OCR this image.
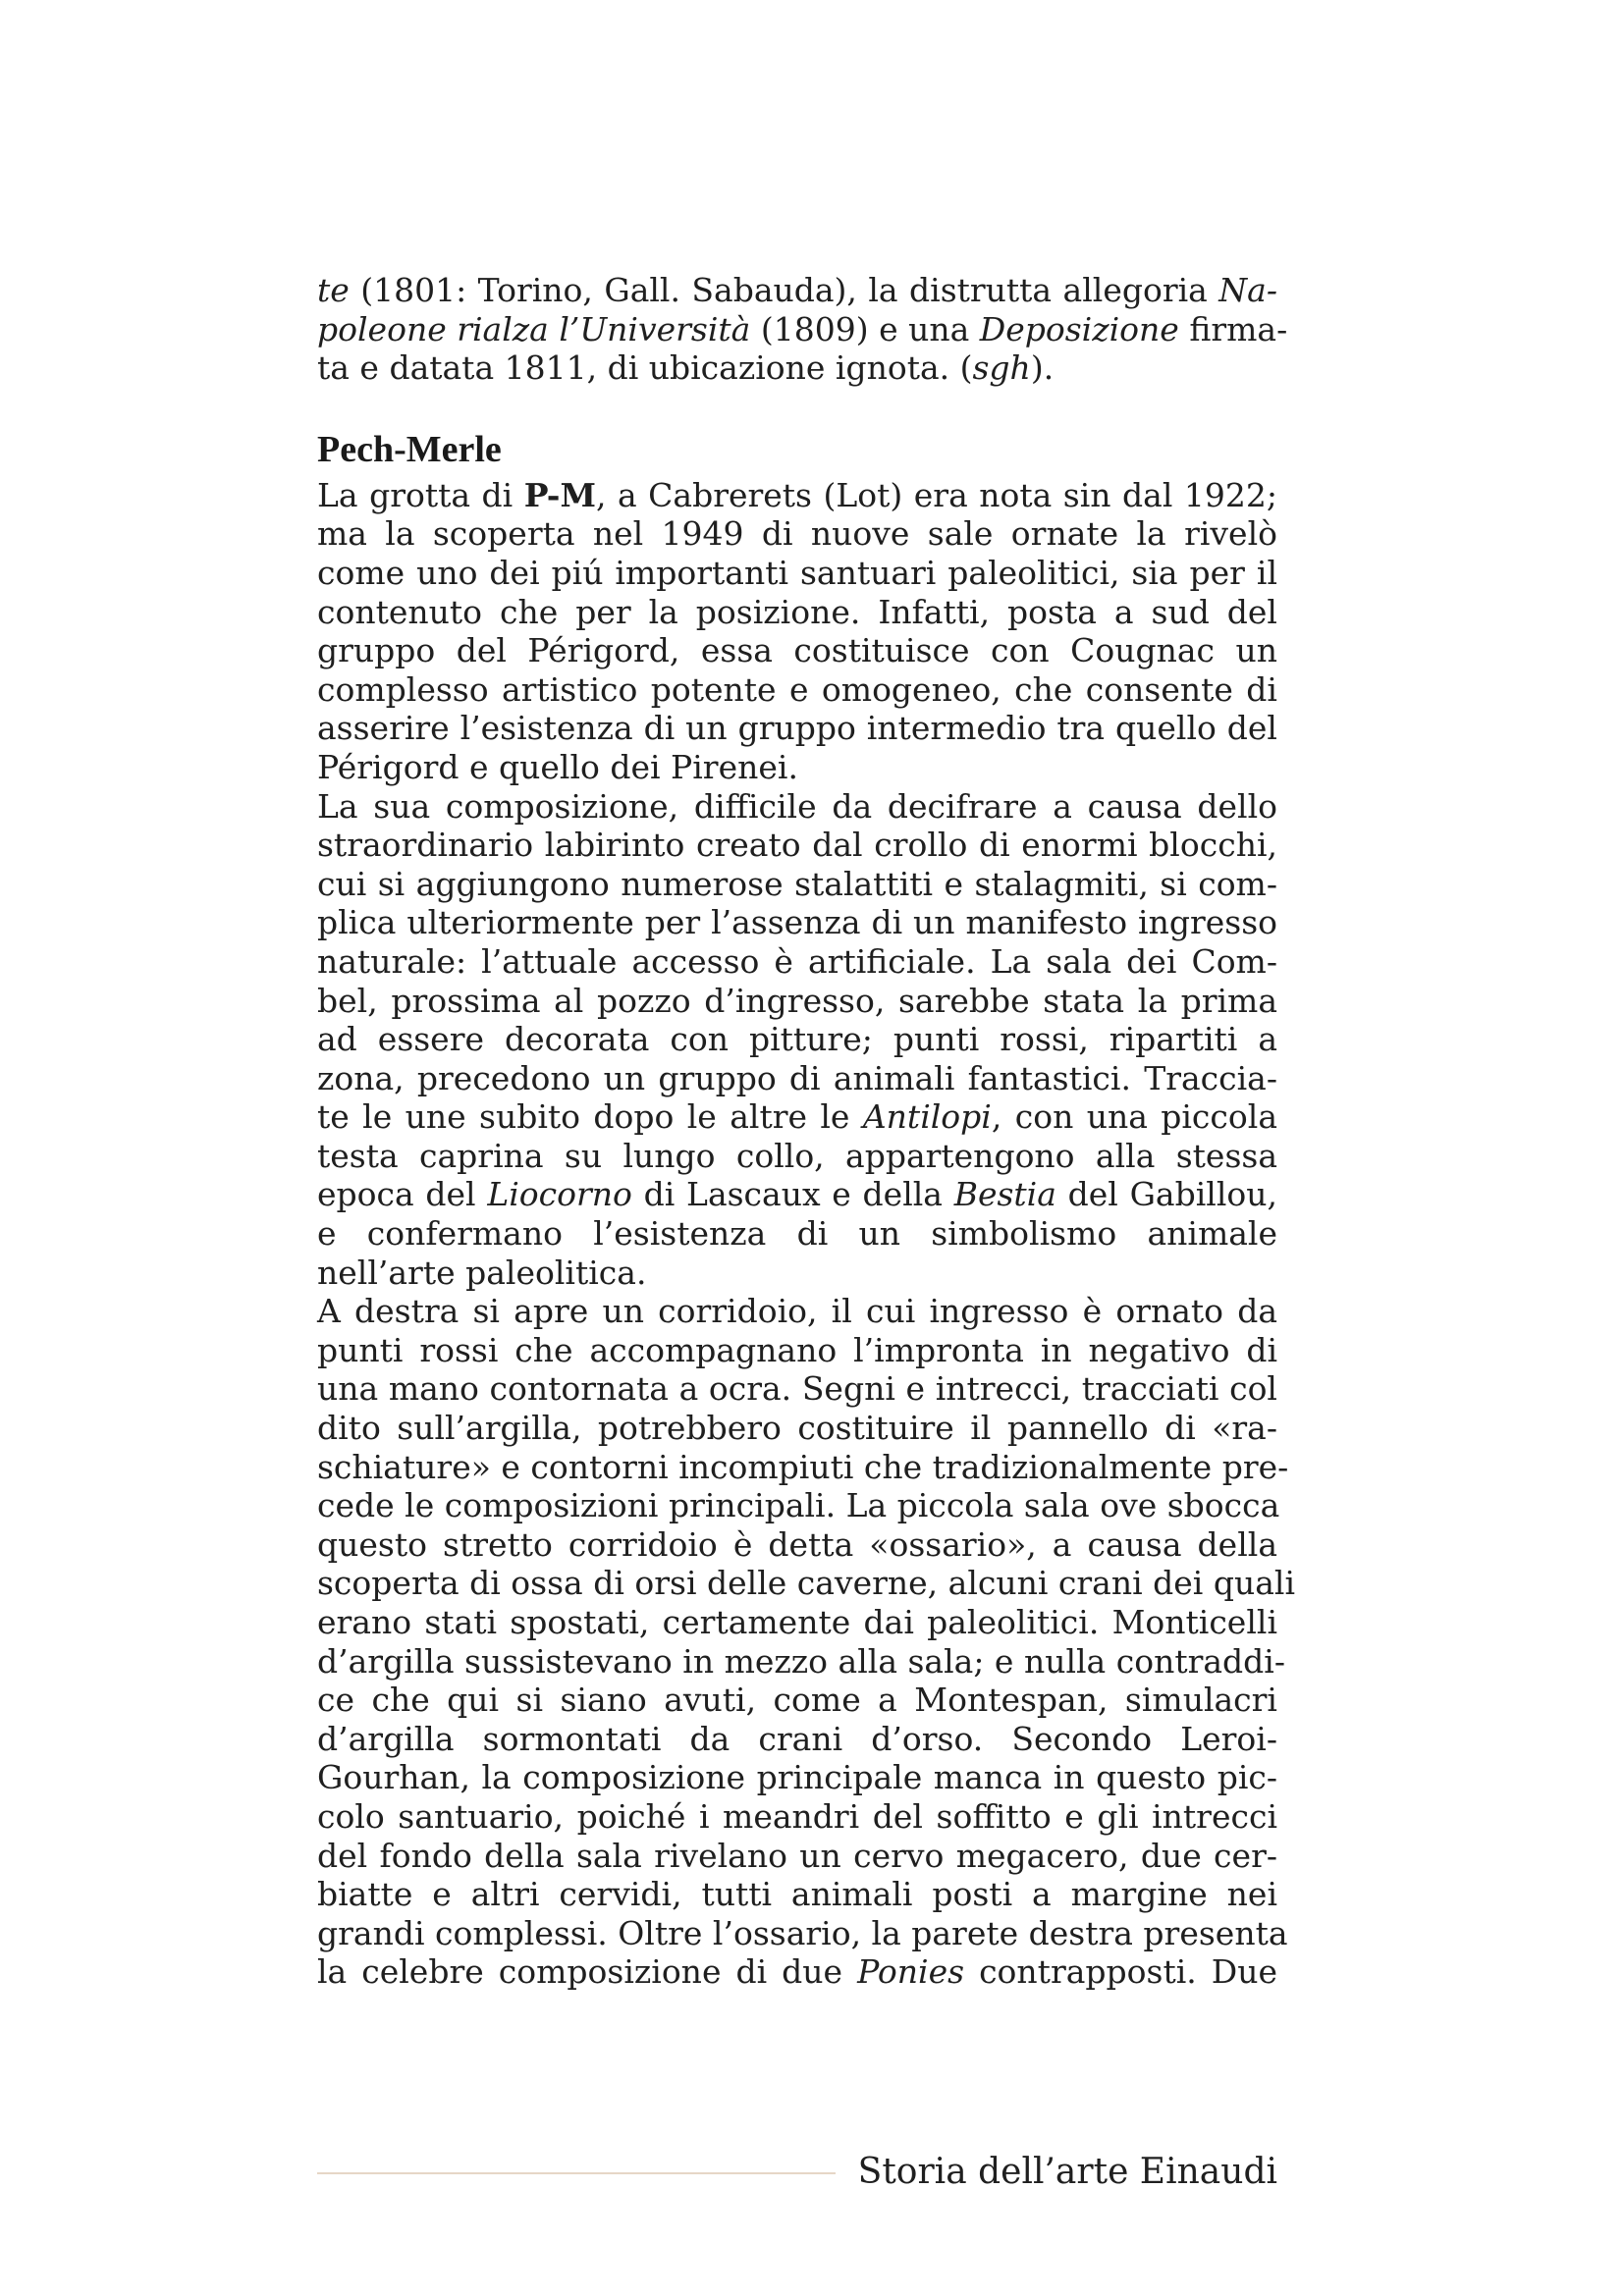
te (1801: Torino, Gall. Sabauda), la distrutta allegoria Na-
poleone rialza l’Università (1809) e una Deposizione firma-
ta e datata 1811, di ubicazione ignota. (sgh).
Pech-Merle
La grotta di P-M, a Cabrerets (Lot) era nota sin dal 1922;
ma la scoperta nel 1949 di nuove sale ornate la rivelò
come uno dei piú importanti santuari paleolitici, sia per il
contenuto che per la posizione. Infatti, posta a sud del
gruppo del Périgord, essa costituisce con Cougnac un
complesso artistico potente e omogeneo, che consente di
asserire l’esistenza di un gruppo intermedio tra quello del
Périgord e quello dei Pirenei.
La sua composizione, difficile da decifrare a causa dello
straordinario labirinto creato dal crollo di enormi blocchi,
cui si aggiungono numerose stalattiti e stalagmiti, si com-
plica ulteriormente per l’assenza di un manifesto ingresso
naturale: l’attuale accesso è artificiale. La sala dei Com-
bel, prossima al pozzo d’ingresso, sarebbe stata la prima
ad essere decorata con pitture; punti rossi, ripartiti a
zona, precedono un gruppo di animali fantastici. Traccia-
te le une subito dopo le altre le Antilopi, con una piccola
testa caprina su lungo collo, appartengono alla stessa
epoca del Liocorno di Lascaux e della Bestia del Gabillou,
e confermano l’esistenza di un simbolismo animale
nell’arte paleolitica.
A destra si apre un corridoio, il cui ingresso è ornato da
punti rossi che accompagnano l’impronta in negativo di
una mano contornata a ocra. Segni e intrecci, tracciati col
dito sull’argilla, potrebbero costituire il pannello di «ra-
schiature» e contorni incompiuti che tradizionalmente pre-
cede le composizioni principali. La piccola sala ove sbocca
questo stretto corridoio è detta «ossario», a causa della
scoperta di ossa di orsi delle caverne, alcuni crani dei quali
erano stati spostati, certamente dai paleolitici. Monticelli
d’argilla sussistevano in mezzo alla sala; e nulla contraddi-
ce che qui si siano avuti, come a Montespan, simulacri
d’argilla sormontati da crani d’orso. Secondo Leroi-
Gourhan, la composizione principale manca in questo pic-
colo santuario, poiché i meandri del soffitto e gli intrecci
del fondo della sala rivelano un cervo megacero, due cer-
biatte e altri cervidi, tutti animali posti a margine nei
grandi complessi. Oltre l’ossario, la parete destra presenta
la celebre composizione di due Ponies contrapposti. Due
Storia dell’arte Einaudi
